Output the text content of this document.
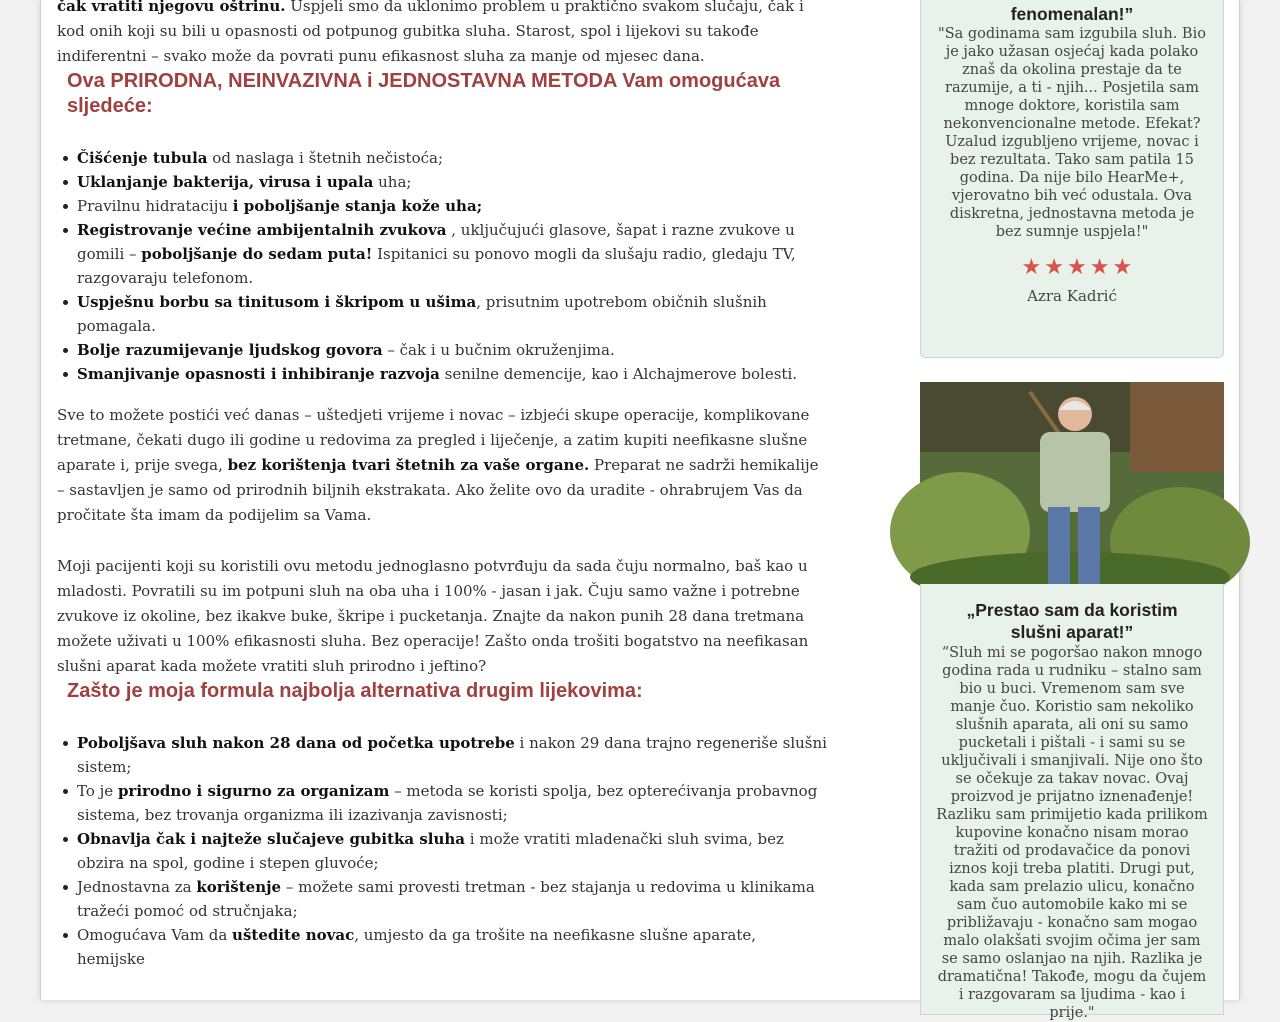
čak vratiti njegovu oštrinu. Uspjeli smo da uklonimo problem u praktično svakom slučaju, čak i kod onih koji su bili u opasnosti od potpunog gubitka sluha. Starost, spol i lijekovi su takođe indiferentni – svako može da povrati punu efikasnost sluha za manje od mjesec dana.

Ova PRIRODNA, NEINVAZIVNA i JEDNOSTAVNA METODA Vam omogućava sljedeće:
Čišćenje tubula od naslaga i štetnih nečistoća;
Uklanjanje bakterija, virusa i upala uha;
Pravilnu hidrataciju i poboljšanje stanja kože uha;
Registrovanje većine ambijentalnih zvukova , uključujući glasove, šapat i razne zvukove u gomili – poboljšanje do sedam puta! Ispitanici su ponovo mogli da slušaju radio, gledaju TV, razgovaraju telefonom.
Uspješnu borbu sa tinitusom i škripom u ušima, prisutnim upotrebom običnih slušnih pomagala.
Bolje razumijevanje ljudskog govora – čak i u bučnim okruženjima.
Smanjivanje opasnosti i inhibiranje razvoja senilne demencije, kao i Alchajmerove bolesti.

Sve to možete postići već danas – uštedjeti vrijeme i novac – izbjeći skupe operacije, komplikovane tretmane, čekati dugo ili godine u redovima za pregled i liječenje, a zatim kupiti neefikasne slušne aparate i, prije svega, bez korištenja tvari štetnih za vaše organe. Preparat ne sadrži hemikalije – sastavljen je samo od prirodnih biljnih ekstrakata. Ako želite ovo da uradite - ohrabrujem Vas da pročitate šta imam da podijelim sa Vama.

Moji pacijenti koji su koristili ovu metodu jednoglasno potvrđuju da sada čuju normalno, baš kao u mladosti. Povratili su im potpuni sluh na oba uha i 100% - jasan i jak. Čuju samo važne i potrebne zvukove iz okoline, bez ikakve buke, škripe i pucketanja. Znajte da nakon punih 28 dana tretmana možete uživati u 100% efikasnosti sluha. Bez operacije! Zašto onda trošiti bogatstvo na neefikasan slušni aparat kada možete vratiti sluh prirodno i jeftino?

Zašto je moja formula najbolja alternativa drugim lijekovima:
Poboljšava sluh nakon 28 dana od početka upotrebe i nakon 29 dana trajno regeneriše slušni sistem;
To je prirodno i sigurno za organizam – metoda se koristi spolja, bez opterećivanja probavnog sistema, bez trovanja organizma ili izazivanja zavisnosti;
Obnavlja čak i najteže slučajeve gubitka sluha i može vratiti mladenački sluh svima, bez obzira na spol, godine i stepen gluvoće;
Jednostavna za korištenje – možete sami provesti tretman - bez stajanja u redovima u klinikama tražeći pomoć od stručnjaka;
Omogućava Vam da uštedite novac, umjesto da ga trošite na neefikasne slušne aparate, hemijske
fenomenalan!”
"Sa godinama sam izgubila sluh. Bio je jako užasan osjećaj kada polako znaš da okolina prestaje da te razumije, a ti - njih... Posjetila sam mnoge doktore, koristila sam nekonvencionalne metode. Efekat? Uzalud izgubljeno vrijeme, novac i bez rezultata. Tako sam patila 15 godina. Da nije bilo HearMe+, vjerovatno bih već odustala. Ova diskretna, jednostavna metoda je bez sumnje uspjela!"
★★★★★
Azra Kadrić
„Prestao sam da koristim slušni aparat!”
“Sluh mi se pogoršao nakon mnogo godina rada u rudniku – stalno sam bio u buci. Vremenom sam sve manje čuo. Koristio sam nekoliko slušnih aparata, ali oni su samo pucketali i pištali - i sami su se uključivali i smanjivali. Nije ono što se očekuje za takav novac. Ovaj proizvod je prijatno iznenađenje! Razliku sam primijetio kada prilikom kupovine konačno nisam morao tražiti od prodavačice da ponovi iznos koji treba platiti. Drugi put, kada sam prelazio ulicu, konačno sam čuo automobile kako mi se približavaju - konačno sam mogao malo olakšati svojim očima jer sam se samo oslanjao na njih. Razlika je dramatična! Takođe, mogu da čujem i razgovaram sa ljudima - kao i prije."
